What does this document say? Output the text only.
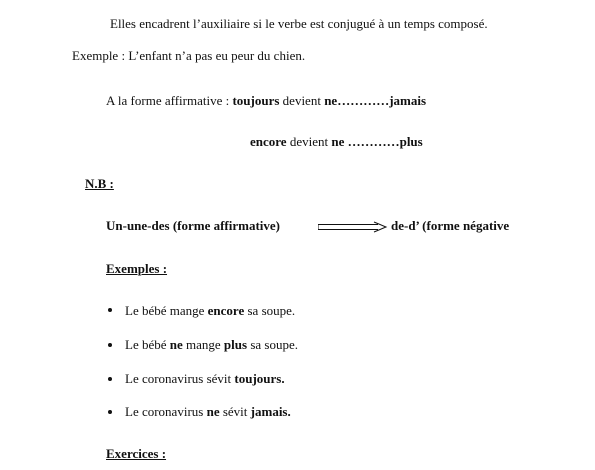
Elles encadrent l’auxiliaire si le verbe est conjugué à un temps composé.
Exemple : L’enfant n’a pas eu peur du chien.
A la forme affirmative : toujours devient ne…………jamais
encore devient ne …………plus
N.B :
Un-une-des (forme affirmative)	de-d’ (forme négative
Exemples :
Le bébé mange encore sa soupe.
Le bébé ne mange plus sa soupe.
Le coronavirus sévit toujours.
Le coronavirus ne sévit jamais.
Exercices :
